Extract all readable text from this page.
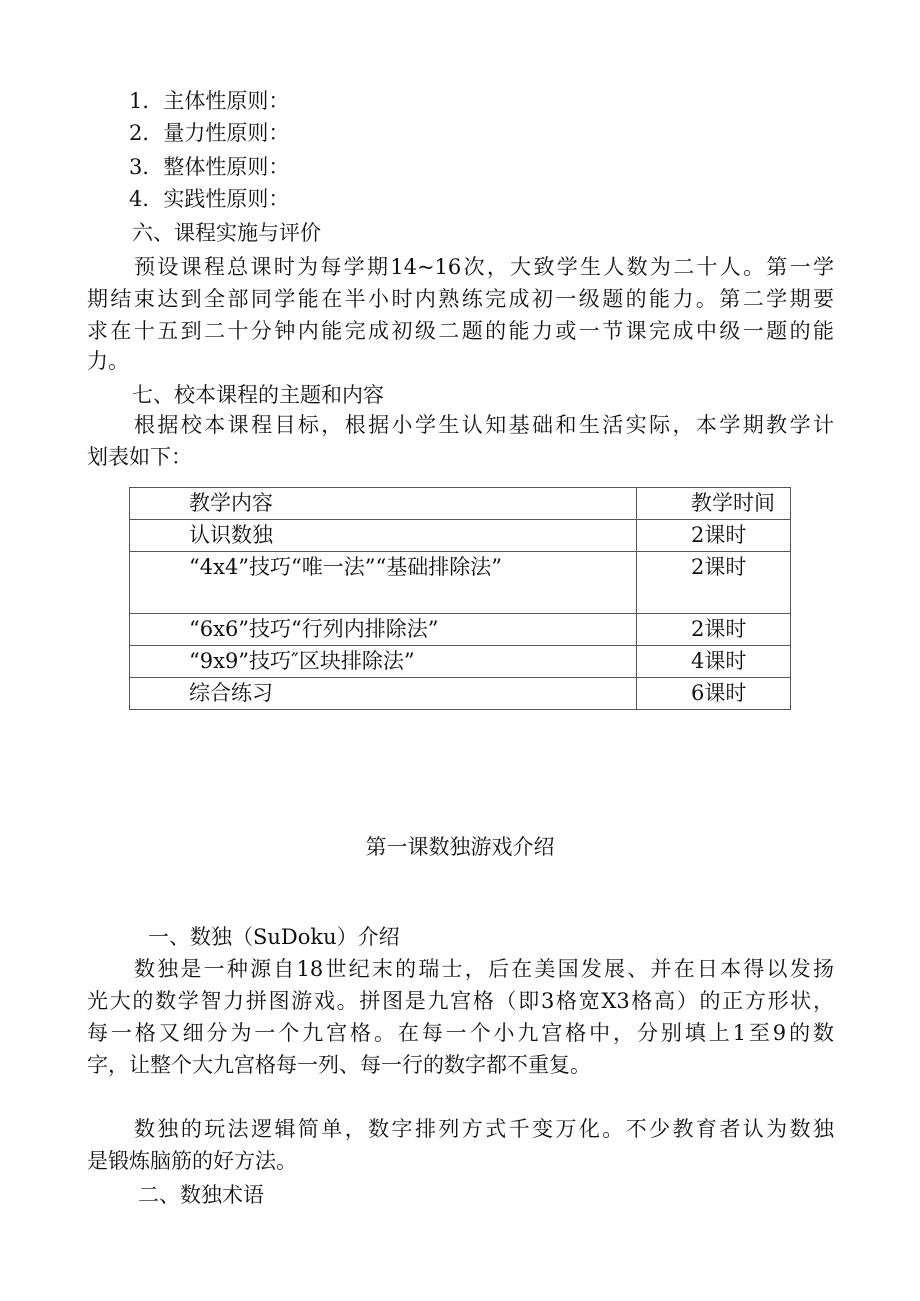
1．主体性原则：
2．量力性原则：
3．整体性原则：
4．实践性原则：
六、课程实施与评价
预设课程总课时为每学期14~16次，大致学生人数为二十人。第一学
期结束达到全部同学能在半小时内熟练完成初一级题的能力。第二学期要
求在十五到二十分钟内能完成初级二题的能力或一节课完成中级一题的能
力。
七、校本课程的主题和内容
根据校本课程目标，根据小学生认知基础和生活实际，本学期教学计
划表如下：
教学内容	教学时间
认识数独	2课时

“4x4”技巧“唯一法”“基础排除法”	2课时
“6x6”技巧“行列内排除法”	2课时
“9x9”技巧″区块排除法”	4课时
综合练习	6课时
第一课数独游戏介绍
一、数独（SuDoku）介绍
数独是一种源自18世纪末的瑞士，后在美国发展、并在日本得以发扬
光大的数学智力拼图游戏。拼图是九宫格（即3格宽X3格高）的正方形状，
每一格又细分为一个九宫格。在每一个小九宫格中，分别填上1至9的数
字，让整个大九宫格每一列、每一行的数字都不重复。
数独的玩法逻辑简单，数字排列方式千变万化。不少教育者认为数独
是锻炼脑筋的好方法。
二、数独术语
